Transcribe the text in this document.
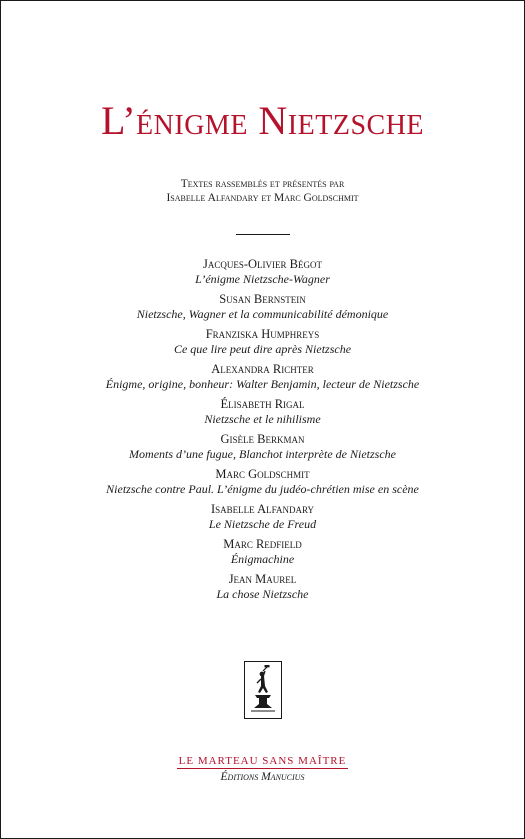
L’énigme Nietzsche
Textes rassemblés et présentés par
Isabelle Alfandary et Marc Goldschmit
Jacques-Olivier Bégot
L’énigme Nietzsche-Wagner
Susan Bernstein
Nietzsche, Wagner et la communicabilité démonique
Franziska Humphreys
Ce que lire peut dire après Nietzsche
Alexandra Richter
Énigme, origine, bonheur: Walter Benjamin, lecteur de Nietzsche
Élisabeth Rigal
Nietzsche et le nihilisme
Gisèle Berkman
Moments d’une fugue, Blanchot interprète de Nietzsche
Marc Goldschmit
Nietzsche contre Paul. L’énigme du judéo-chrétien mise en scène
Isabelle Alfandary
Le Nietzsche de Freud
Marc Redfield
Énigmachine
Jean Maurel
La chose Nietzsche
LE MARTEAU SANS MAÎTRE
Éditions Manucius
